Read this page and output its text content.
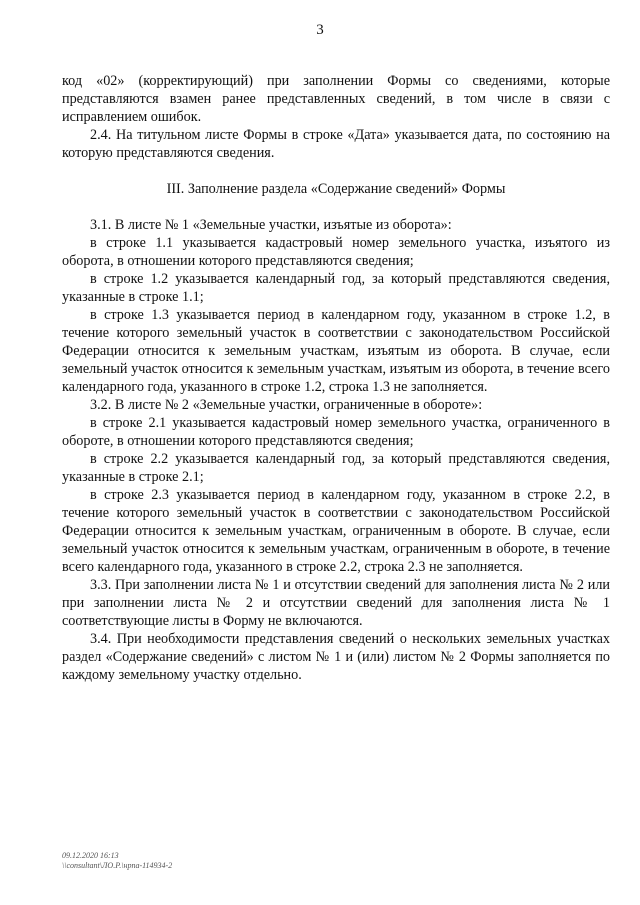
3

код «02» (корректирующий) при заполнении Формы со сведениями, которые представляются взамен ранее представленных сведений, в том числе в связи с исправлением ошибок.

2.4. На титульном листе Формы в строке «Дата» указывается дата, по состоянию на которую представляются сведения.

III. Заполнение раздела «Содержание сведений» Формы

3.1. В листе № 1 «Земельные участки, изъятые из оборота»:

в строке 1.1 указывается кадастровый номер земельного участка, изъятого из оборота, в отношении которого представляются сведения;

в строке 1.2 указывается календарный год, за который представляются сведения, указанные в строке 1.1;

в строке 1.3 указывается период в календарном году, указанном в строке 1.2, в течение которого земельный участок в соответствии с законодательством Российской Федерации относится к земельным участкам, изъятым из оборота. В случае, если земельный участок относится к земельным участкам, изъятым из оборота, в течение всего календарного года, указанного в строке 1.2, строка 1.3 не заполняется.

3.2. В листе № 2 «Земельные участки, ограниченные в обороте»:

в строке 2.1 указывается кадастровый номер земельного участка, ограниченного в обороте, в отношении которого представляются сведения;

в строке 2.2 указывается календарный год, за который представляются сведения, указанные в строке 2.1;

в строке 2.3 указывается период в календарном году, указанном в строке 2.2, в течение которого земельный участок в соответствии с законодательством Российской Федерации относится к земельным участкам, ограниченным в обороте. В случае, если земельный участок относится к земельным участкам, ограниченным в обороте, в течение всего календарного года, указанного в строке 2.2, строка 2.3 не заполняется.

3.3. При заполнении листа № 1 и отсутствии сведений для заполнения листа № 2 или при заполнении листа № 2 и отсутствии сведений для заполнения листа № 1 соответствующие листы в Форму не включаются.

3.4. При необходимости представления сведений о нескольких земельных участках раздел «Содержание сведений» с листом № 1 и (или) листом № 2 Формы заполняется по каждому земельному участку отдельно.

09.12.2020 16:13
\\consultant\ЛО.Р.\нрпа-114934-2
